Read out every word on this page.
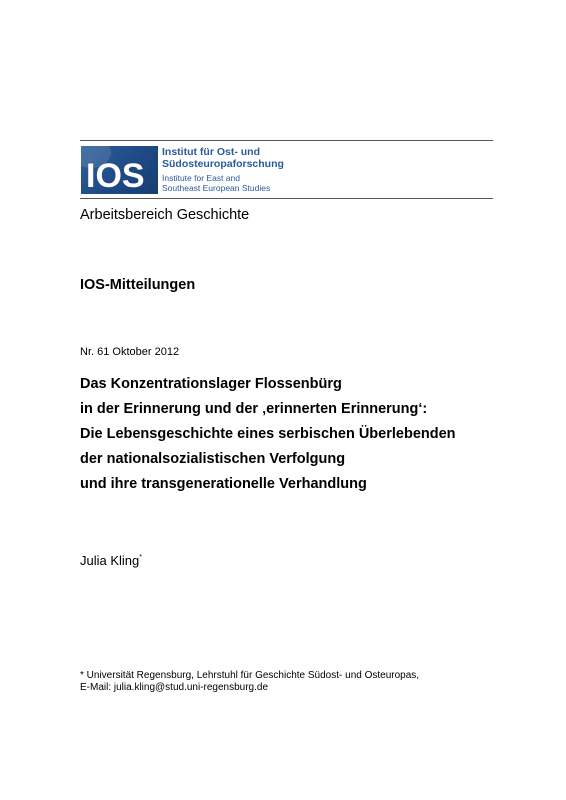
IOS
Institut für Ost- und
Südosteuropaforschung
Institute for East and
Southeast European Studies
Arbeitsbereich Geschichte
IOS-Mitteilungen
Nr. 61 Oktober 2012
Das Konzentrationslager Flossenbürg
in der Erinnerung und der ‚erinnerten Erinnerung‘:
Die Lebensgeschichte eines serbischen Überlebenden
der nationalsozialistischen Verfolgung
und ihre transgenerationelle Verhandlung
Julia Kling*
* Universität Regensburg, Lehrstuhl für Geschichte Südost- und Osteuropas,
E-Mail: julia.kling@stud.uni-regensburg.de
